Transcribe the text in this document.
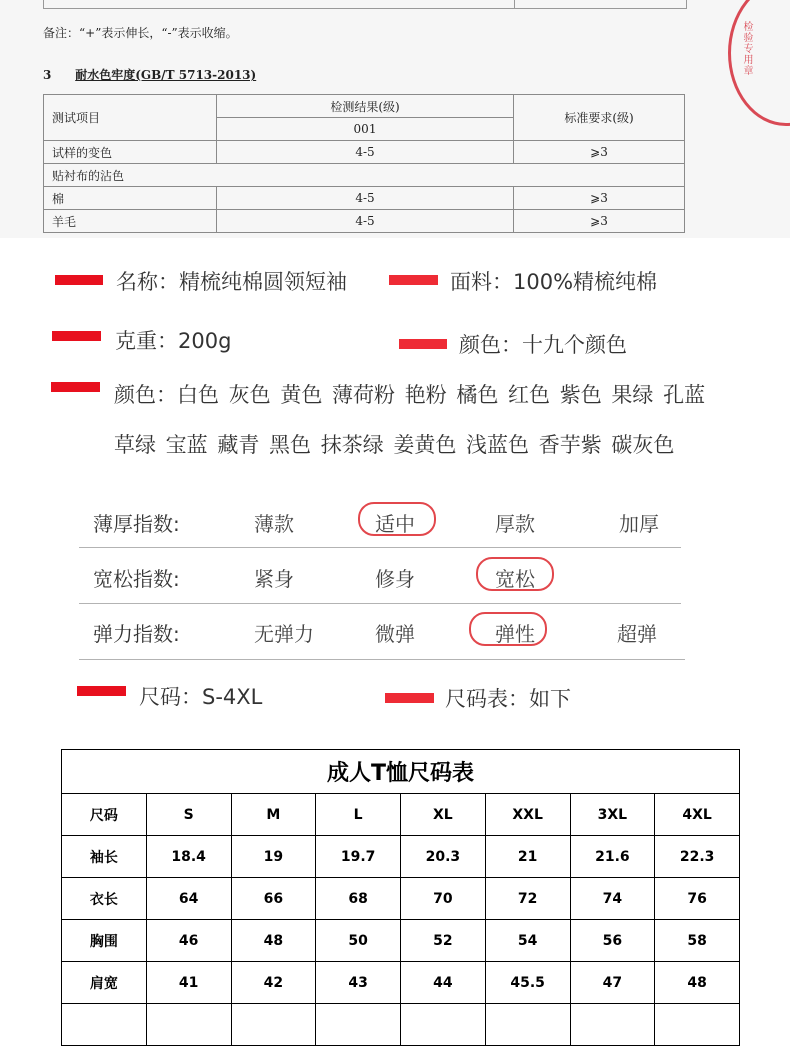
备注：“+”表示伸长，“-”表示收缩。
3 耐水色牢度(GB/T 5713-2013)
测试项目	检测结果(级)	标准要求(级)
	001	
试样的变色	4-5	⩾3
贴衬布的沾色		
棉	4-5	⩾3
羊毛	4-5	⩾3
检验专用章
名称：精梳纯棉圆领短袖	面料：100%精梳纯棉
克重：200g	颜色：十九个颜色
颜色：白色 灰色 黄色 薄荷粉 艳粉 橘色 红色 紫色 果绿 孔蓝
草绿 宝蓝 藏青 黑色 抹茶绿 姜黄色 浅蓝色 香芋紫 碳灰色
薄厚指数:	薄款	适中	厚款	加厚
宽松指数:	紧身	修身	宽松
弹力指数:	无弹力	微弹	弹性	超弹
尺码：S-4XL	尺码表：如下
成人T恤尺码表							
尺码	S	M	L	XL	XXL	3XL	4XL
袖长	18.4	19	19.7	20.3	21	21.6	22.3
衣长	64	66	68	70	72	74	76
胸围	46	48	50	52	54	56	58
肩宽	41	42	43	44	45.5	47	48
